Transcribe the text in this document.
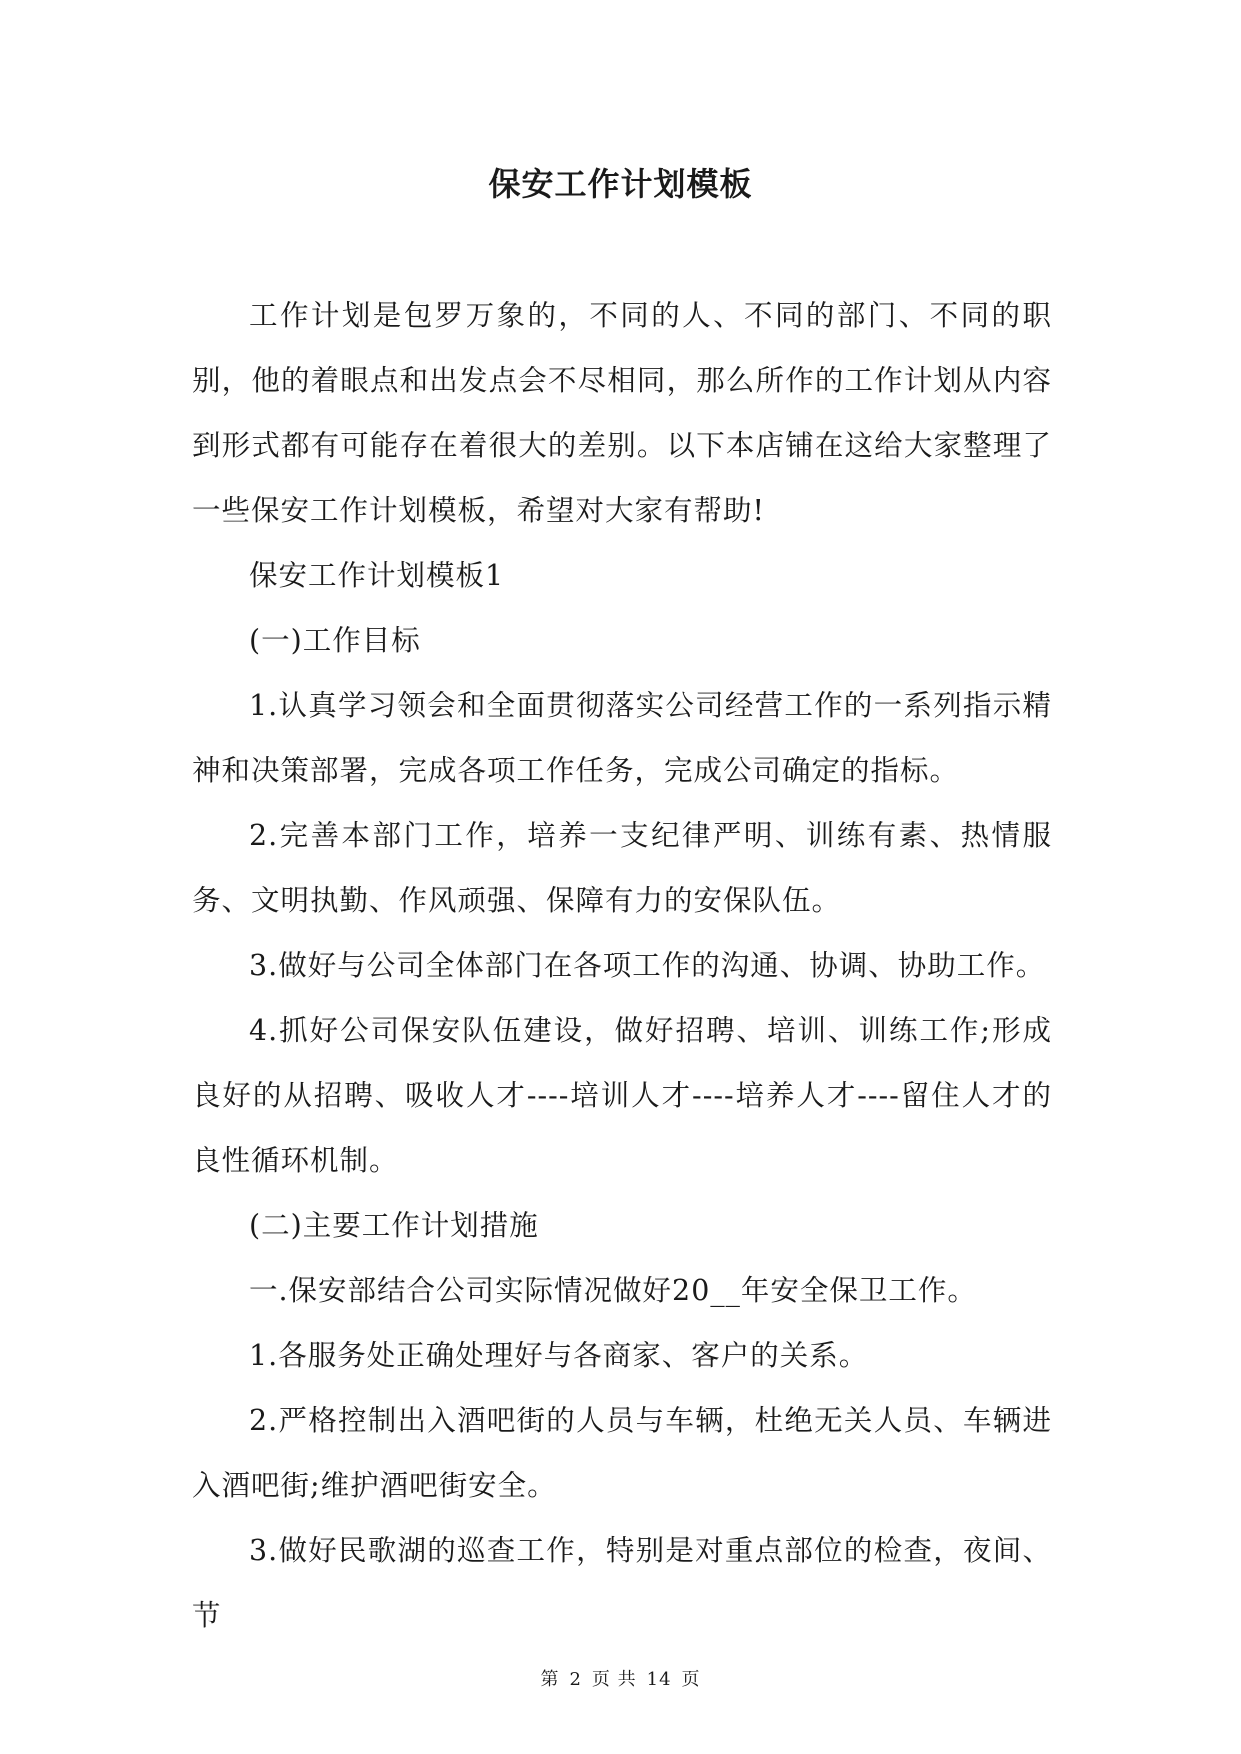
保安工作计划模板

工作计划是包罗万象的，不同的人、不同的部门、不同的职别，他的着眼点和出发点会不尽相同，那么所作的工作计划从内容到形式都有可能存在着很大的差别。以下本店铺在这给大家整理了一些保安工作计划模板，希望对大家有帮助!

保安工作计划模板1

(一)工作目标

1.认真学习领会和全面贯彻落实公司经营工作的一系列指示精神和决策部署，完成各项工作任务，完成公司确定的指标。

2.完善本部门工作，培养一支纪律严明、训练有素、热情服务、文明执勤、作风顽强、保障有力的安保队伍。

3.做好与公司全体部门在各项工作的沟通、协调、协助工作。

4.抓好公司保安队伍建设，做好招聘、培训、训练工作;形成良好的从招聘、吸收人才----培训人才----培养人才----留住人才的良性循环机制。

(二)主要工作计划措施

一.保安部结合公司实际情况做好20__年安全保卫工作。

1.各服务处正确处理好与各商家、客户的关系。

2.严格控制出入酒吧街的人员与车辆，杜绝无关人员、车辆进入酒吧街;维护酒吧街安全。

3.做好民歌湖的巡查工作，特别是对重点部位的检查，夜间、节

第 2 页 共 14 页
